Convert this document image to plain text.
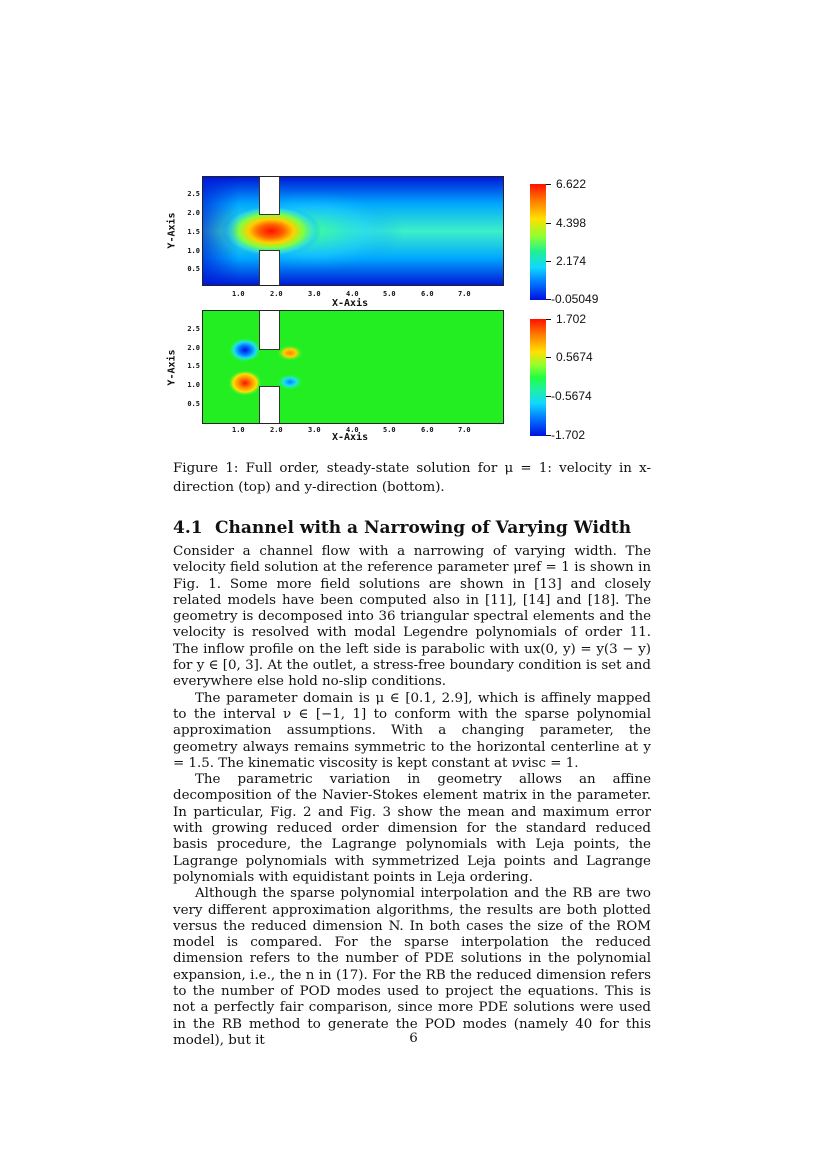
2.5
2.0
1.5
1.0
0.5
1.0	2.0	3.0	4.0	5.0	6.0	7.0
X-Axis
Y-Axis
6.622
4.398
2.174
-0.05049
2.5
2.0
1.5
1.0
0.5
1.0	2.0	3.0	4.0	5.0	6.0	7.0
X-Axis
Y-Axis
1.702
0.5674
-0.5674
-1.702
Figure 1: Full order, steady-state solution for μ = 1: velocity in x-direction (top) and y-direction (bottom).
4.1 Channel with a Narrowing of Varying Width

Consider a channel flow with a narrowing of varying width. The velocity field solution at the reference parameter μref = 1 is shown in Fig. 1. Some more field solutions are shown in [13] and closely related models have been computed also in [11], [14] and [18]. The geometry is decomposed into 36 triangular spectral elements and the velocity is resolved with modal Legendre polynomials of order 11. The inflow profile on the left side is parabolic with ux(0, y) = y(3 − y) for y ∈ [0, 3]. At the outlet, a stress-free boundary condition is set and everywhere else hold no-slip conditions.

The parameter domain is μ ∈ [0.1, 2.9], which is affinely mapped to the interval ν ∈ [−1, 1] to conform with the sparse polynomial approximation assumptions. With a changing parameter, the geometry always remains symmetric to the horizontal centerline at y = 1.5. The kinematic viscosity is kept constant at νvisc = 1.

The parametric variation in geometry allows an affine decomposition of the Navier-Stokes element matrix in the parameter. In particular, Fig. 2 and Fig. 3 show the mean and maximum error with growing reduced order dimension for the standard reduced basis procedure, the Lagrange polynomials with Leja points, the Lagrange polynomials with symmetrized Leja points and Lagrange polynomials with equidistant points in Leja ordering.

Although the sparse polynomial interpolation and the RB are two very different approximation algorithms, the results are both plotted versus the reduced dimension N. In both cases the size of the ROM model is compared. For the sparse interpolation the reduced dimension refers to the number of PDE solutions in the polynomial expansion, i.e., the n in (17). For the RB the reduced dimension refers to the number of POD modes used to project the equations. This is not a perfectly fair comparison, since more PDE solutions were used in the RB method to generate the POD modes (namely 40 for this model), but it	6
